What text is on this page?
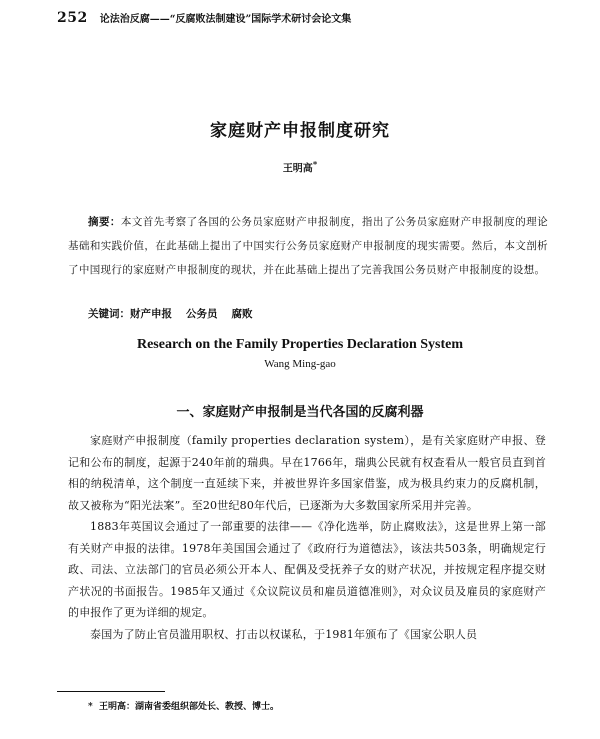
252 论法治反腐——“反腐败法制建设”国际学术研讨会论文集
家庭财产申报制度研究
王明高*
摘要：本文首先考察了各国的公务员家庭财产申报制度，指出了公务员家庭财产申报制度的理论基础和实践价值，在此基础上提出了中国实行公务员家庭财产申报制度的现实需要。然后，本文剖析了中国现行的家庭财产申报制度的现状，并在此基础上提出了完善我国公务员财产申报制度的设想。
关键词：财产申报 公务员 腐败
Research on the Family Properties Declaration System
Wang Ming-gao
一、家庭财产申报制是当代各国的反腐利器

家庭财产申报制度（family properties declaration system），是有关家庭财产申报、登记和公布的制度，起源于240年前的瑞典。早在1766年，瑞典公民就有权查看从一般官员直到首相的纳税清单，这个制度一直延续下来，并被世界许多国家借鉴，成为极具约束力的反腐机制，故又被称为“阳光法案”。至20世纪80年代后，已逐渐为大多数国家所采用并完善。

1883年英国议会通过了一部重要的法律——《净化选举，防止腐败法》，这是世界上第一部有关财产申报的法律。1978年美国国会通过了《政府行为道德法》，该法共503条，明确规定行政、司法、立法部门的官员必须公开本人、配偶及受抚养子女的财产状况，并按规定程序提交财产状况的书面报告。1985年又通过《众议院议员和雇员道德准则》，对众议员及雇员的家庭财产的申报作了更为详细的规定。

泰国为了防止官员滥用职权、打击以权谋私，于1981年颁布了《国家公职人员

* 王明高：湖南省委组织部处长、教授、博士。
